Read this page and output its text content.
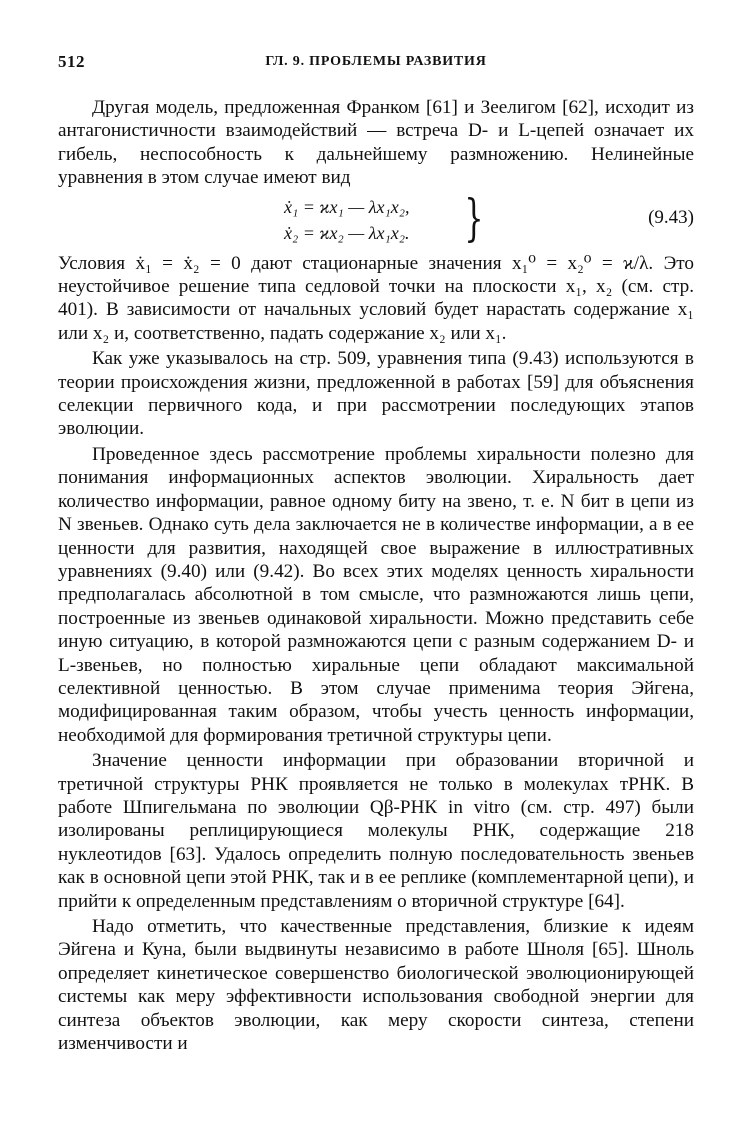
512	ГЛ. 9. ПРОБЛЕМЫ РАЗВИТИЯ

Другая модель, предложенная Франком [61] и Зеелигом [62], исходит из антагонистичности взаимодействий — встреча D- и L-цепей означает их гибель, неспособность к дальнейшему размножению. Нелинейные уравнения в этом случае имеют вид

ẋ₁ = ϰx₁ — λx₁x₂,
ẋ₂ = ϰx₂ — λx₁x₂. }	(9.43)

Условия ẋ₁ = ẋ₂ = 0 дают стационарные значения x₁⁰ = x₂⁰ = ϰ/λ. Это неустойчивое решение типа седловой точки на плоскости x₁, x₂ (см. стр. 401). В зависимости от начальных условий будет нарастать содержание x₁ или x₂ и, соответственно, падать содержание x₂ или x₁.

Как уже указывалось на стр. 509, уравнения типа (9.43) используются в теории происхождения жизни, предложенной в работах [59] для объяснения селекции первичного кода, и при рассмотрении последующих этапов эволюции.

Проведенное здесь рассмотрение проблемы хиральности полезно для понимания информационных аспектов эволюции. Хиральность дает количество информации, равное одному биту на звено, т. е. N бит в цепи из N звеньев. Однако суть дела заключается не в количестве информации, а в ее ценности для развития, находящей свое выражение в иллюстративных уравнениях (9.40) или (9.42). Во всех этих моделях ценность хиральности предполагалась абсолютной в том смысле, что размножаются лишь цепи, построенные из звеньев одинаковой хиральности. Можно представить себе иную ситуацию, в которой размножаются цепи с разным содержанием D- и L-звеньев, но полностью хиральные цепи обладают максимальной селективной ценностью. В этом случае применима теория Эйгена, модифицированная таким образом, чтобы учесть ценность информации, необходимой для формирования третичной структуры цепи.

Значение ценности информации при образовании вторичной и третичной структуры РНК проявляется не только в молекулах тРНК. В работе Шпигельмана по эволюции Qβ-РНК in vitro (см. стр. 497) были изолированы реплицирующиеся молекулы РНК, содержащие 218 нуклеотидов [63]. Удалось определить полную последовательность звеньев как в основной цепи этой РНК, так и в ее реплике (комплементарной цепи), и прийти к определенным представлениям о вторичной структуре [64].

Надо отметить, что качественные представления, близкие к идеям Эйгена и Куна, были выдвинуты независимо в работе Шноля [65]. Шноль определяет кинетическое совершенство биологической эволюционирующей системы как меру эффективности использования свободной энергии для синтеза объектов эволюции, как меру скорости синтеза, степени изменчивости и
